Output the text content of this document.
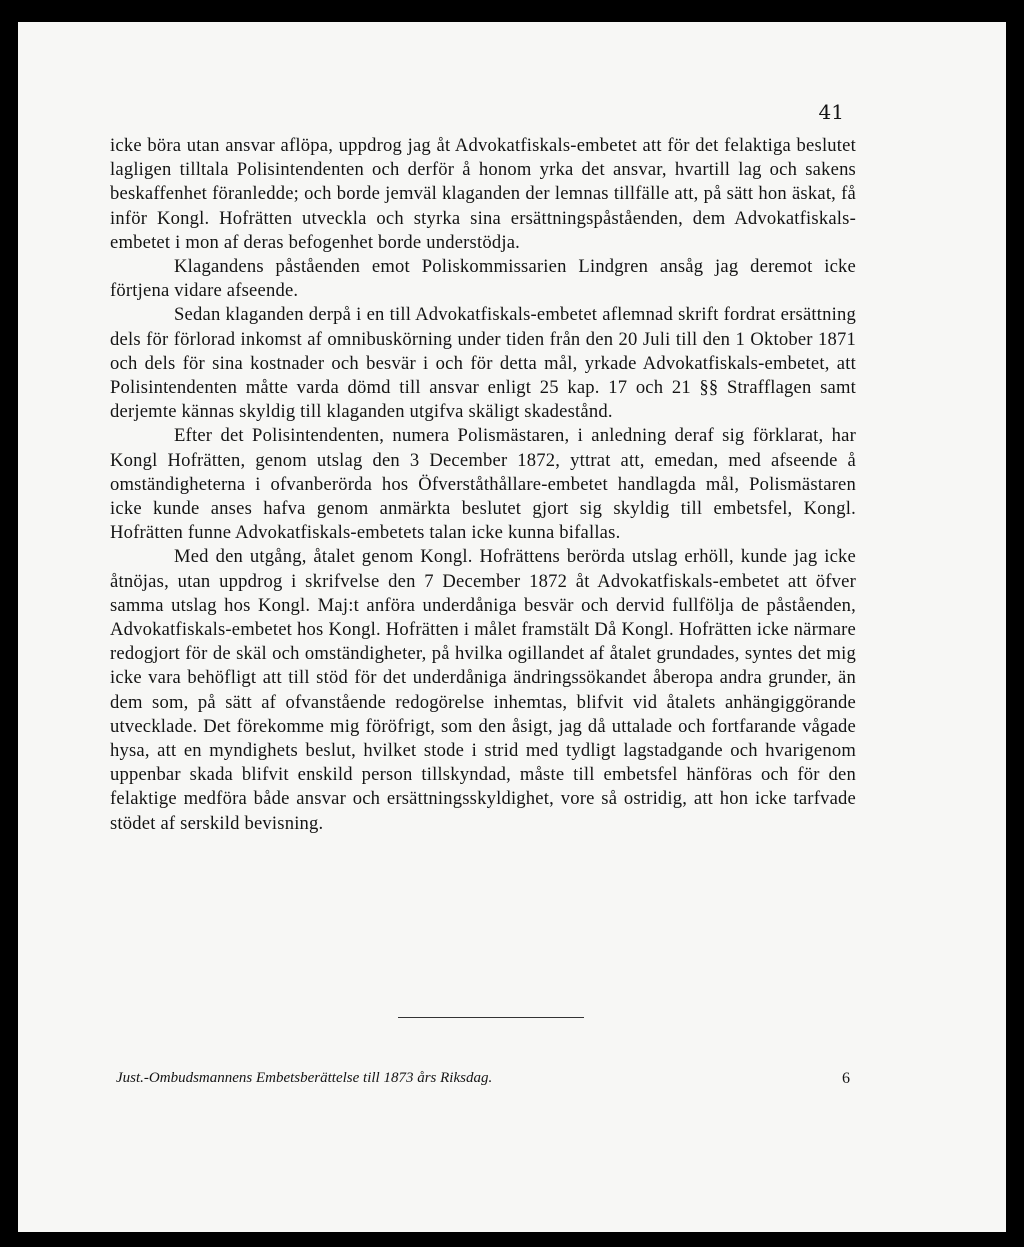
41

icke böra utan ansvar aflöpa, uppdrog jag åt Advokatfiskals-embetet att för det felaktiga beslutet lagligen tilltala Polisintendenten och derför å honom yrka det ansvar, hvartill lag och sakens beskaffenhet föranledde; och borde jemväl klaganden der lemnas tillfälle att, på sätt hon äskat, få inför Kongl. Hofrätten utveckla och styrka sina ersättningspåståenden, dem Advokatfiskals-embetet i mon af deras befogenhet borde understödja.

Klagandens påståenden emot Poliskommissarien Lindgren ansåg jag deremot icke förtjena vidare afseende.

Sedan klaganden derpå i en till Advokatfiskals-embetet aflemnad skrift fordrat ersättning dels för förlorad inkomst af omnibuskörning under tiden från den 20 Juli till den 1 Oktober 1871 och dels för sina kostnader och besvär i och för detta mål, yrkade Advokatfiskals-embetet, att Polisintendenten måtte varda dömd till ansvar enligt 25 kap. 17 och 21 §§ Strafflagen samt derjemte kännas skyldig till klaganden utgifva skäligt skadestånd.

Efter det Polisintendenten, numera Polismästaren, i anledning deraf sig förklarat, har Kongl Hofrätten, genom utslag den 3 December 1872, yttrat att, emedan, med afseende å omständigheterna i ofvanberörda hos Öfverståthållare-embetet handlagda mål, Polismästaren icke kunde anses hafva genom anmärkta beslutet gjort sig skyldig till embetsfel, Kongl. Hofrätten funne Advokatfiskals-embetets talan icke kunna bifallas.

Med den utgång, åtalet genom Kongl. Hofrättens berörda utslag erhöll, kunde jag icke åtnöjas, utan uppdrog i skrifvelse den 7 December 1872 åt Advokatfiskals-embetet att öfver samma utslag hos Kongl. Maj:t anföra underdåniga besvär och dervid fullfölja de påståenden, Advokatfiskals-embetet hos Kongl. Hofrätten i målet framstält Då Kongl. Hofrätten icke närmare redogjort för de skäl och omständigheter, på hvilka ogillandet af åtalet grundades, syntes det mig icke vara behöfligt att till stöd för det underdåniga ändringssökandet åberopa andra grunder, än dem som, på sätt af ofvanstående redogörelse inhemtas, blifvit vid åtalets anhängiggörande utvecklade. Det förekomme mig föröfrigt, som den åsigt, jag då uttalade och fortfarande vågade hysa, att en myndighets beslut, hvilket stode i strid med tydligt lagstadgande och hvarigenom uppenbar skada blifvit enskild person tillskyndad, måste till embetsfel hänföras och för den felaktige medföra både ansvar och ersättningsskyldighet, vore så ostridig, att hon icke tarfvade stödet af serskild bevisning.

Just.-Ombudsmannens Embetsberättelse till 1873 års Riksdag.	6
